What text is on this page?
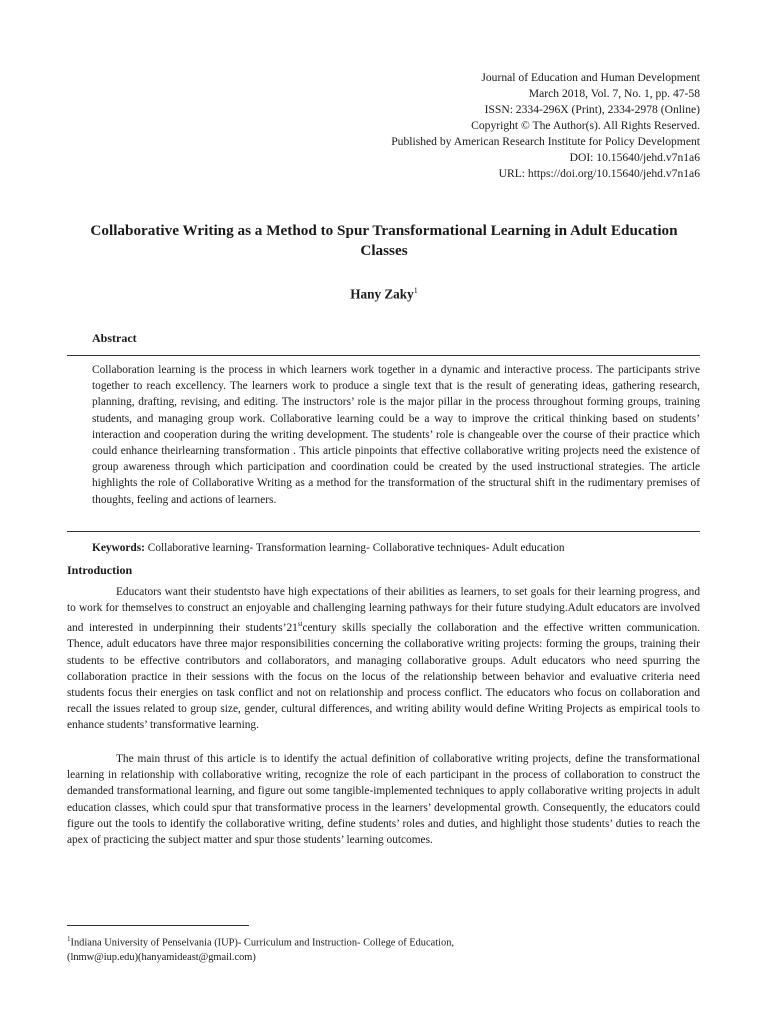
Journal of Education and Human Development
March 2018, Vol. 7, No. 1, pp. 47-58
ISSN: 2334-296X (Print), 2334-2978 (Online)
Copyright © The Author(s). All Rights Reserved.
Published by American Research Institute for Policy Development
DOI: 10.15640/jehd.v7n1a6
URL: https://doi.org/10.15640/jehd.v7n1a6
Collaborative Writing as a Method to Spur Transformational Learning in Adult Education Classes
Hany Zaky$^1$
Abstract
Collaboration learning is the process in which learners work together in a dynamic and interactive process. The participants strive together to reach excellency. The learners work to produce a single text that is the result of generating ideas, gathering research, planning, drafting, revising, and editing. The instructors’ role is the major pillar in the process throughout forming groups, training students, and managing group work. Collaborative learning could be a way to improve the critical thinking based on students’ interaction and cooperation during the writing development. The students’ role is changeable over the course of their practice which could enhance theirlearning transformation . This article pinpoints that effective collaborative writing projects need the existence of group awareness through which participation and coordination could be created by the used instructional strategies. The article highlights the role of Collaborative Writing as a method for the transformation of the structural shift in the rudimentary premises of thoughts, feeling and actions of learners.
Keywords: Collaborative learning- Transformation learning- Collaborative techniques- Adult education
Introduction
Educators want their studentsto have high expectations of their abilities as learners, to set goals for their learning progress, and to work for themselves to construct an enjoyable and challenging learning pathways for their future studying.Adult educators are involved and interested in underpinning their students’21stcentury skills specially the collaboration and the effective written communication. Thence, adult educators have three major responsibilities concerning the collaborative writing projects: forming the groups, training their students to be effective contributors and collaborators, and managing collaborative groups. Adult educators who need spurring the collaboration practice in their sessions with the focus on the locus of the relationship between behavior and evaluative criteria need students focus their energies on task conflict and not on relationship and process conflict. The educators who focus on collaboration and recall the issues related to group size, gender, cultural differences, and writing ability would define Writing Projects as empirical tools to enhance students’ transformative learning.
The main thrust of this article is to identify the actual definition of collaborative writing projects, define the transformational learning in relationship with collaborative writing, recognize the role of each participant in the process of collaboration to construct the demanded transformational learning, and figure out some tangible-implemented techniques to apply collaborative writing projects in adult education classes, which could spur that transformative process in the learners’ developmental growth. Consequently, the educators could figure out the tools to identify the collaborative writing, define students’ roles and duties, and highlight those students’ duties to reach the apex of practicing the subject matter and spur those students’ learning outcomes.
$^1$Indiana University of Penselvania (IUP)- Curriculum and Instruction- College of Education,
(lnmw@iup.edu)(hanyamideast@gmail.com)
